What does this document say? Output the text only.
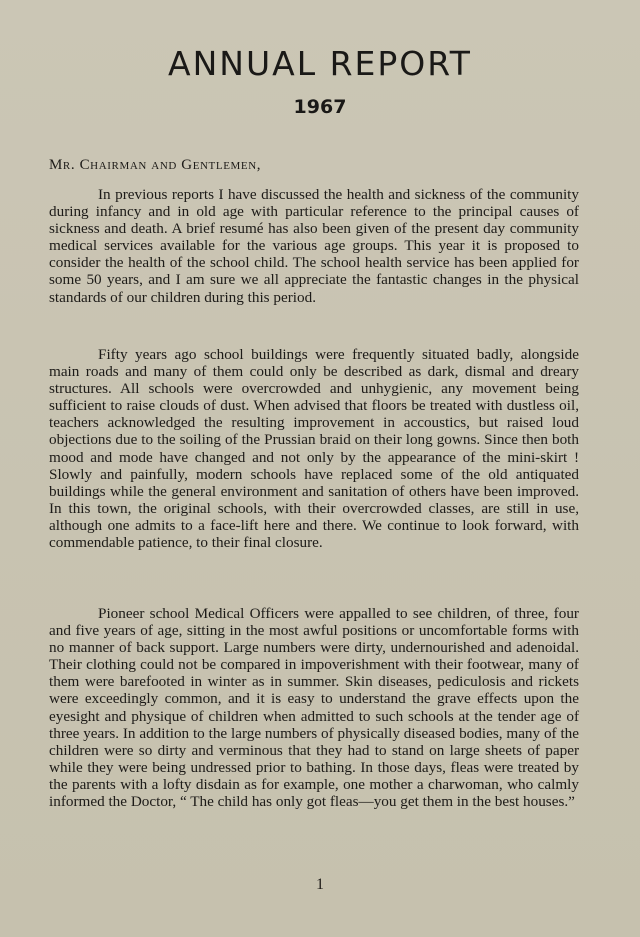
ANNUAL REPORT
1967
Mr. Chairman and Gentlemen,

In previous reports I have discussed the health and sickness of the community during infancy and in old age with particular reference to the principal causes of sickness and death. A brief resumé has also been given of the present day community medical services available for the various age groups. This year it is proposed to consider the health of the school child. The school health service has been applied for some 50 years, and I am sure we all appreciate the fantastic changes in the physical standards of our children during this period.

Fifty years ago school buildings were frequently situated badly, alongside main roads and many of them could only be described as dark, dismal and dreary structures. All schools were overcrowded and unhygienic, any movement being sufficient to raise clouds of dust. When advised that floors be treated with dustless oil, teachers acknowledged the resulting improvement in accoustics, but raised loud objections due to the soiling of the Prussian braid on their long gowns. Since then both mood and mode have changed and not only by the appearance of the mini-skirt ! Slowly and painfully, modern schools have replaced some of the old antiquated buildings while the general environment and sanitation of others have been improved. In this town, the original schools, with their overcrowded classes, are still in use, although one admits to a face-lift here and there. We continue to look forward, with commendable patience, to their final closure.

Pioneer school Medical Officers were appalled to see children, of three, four and five years of age, sitting in the most awful positions or uncomfortable forms with no manner of back support. Large numbers were dirty, undernourished and adenoidal. Their clothing could not be compared in impoverishment with their footwear, many of them were barefooted in winter as in summer. Skin diseases, pediculosis and rickets were exceedingly common, and it is easy to understand the grave effects upon the eyesight and physique of children when admitted to such schools at the tender age of three years. In addition to the large numbers of physically diseased bodies, many of the children were so dirty and verminous that they had to stand on large sheets of paper while they were being undressed prior to bathing. In those days, fleas were treated by the parents with a lofty disdain as for example, one mother a charwoman, who calmly informed the Doctor, “ The child has only got fleas—you get them in the best houses.”

1
